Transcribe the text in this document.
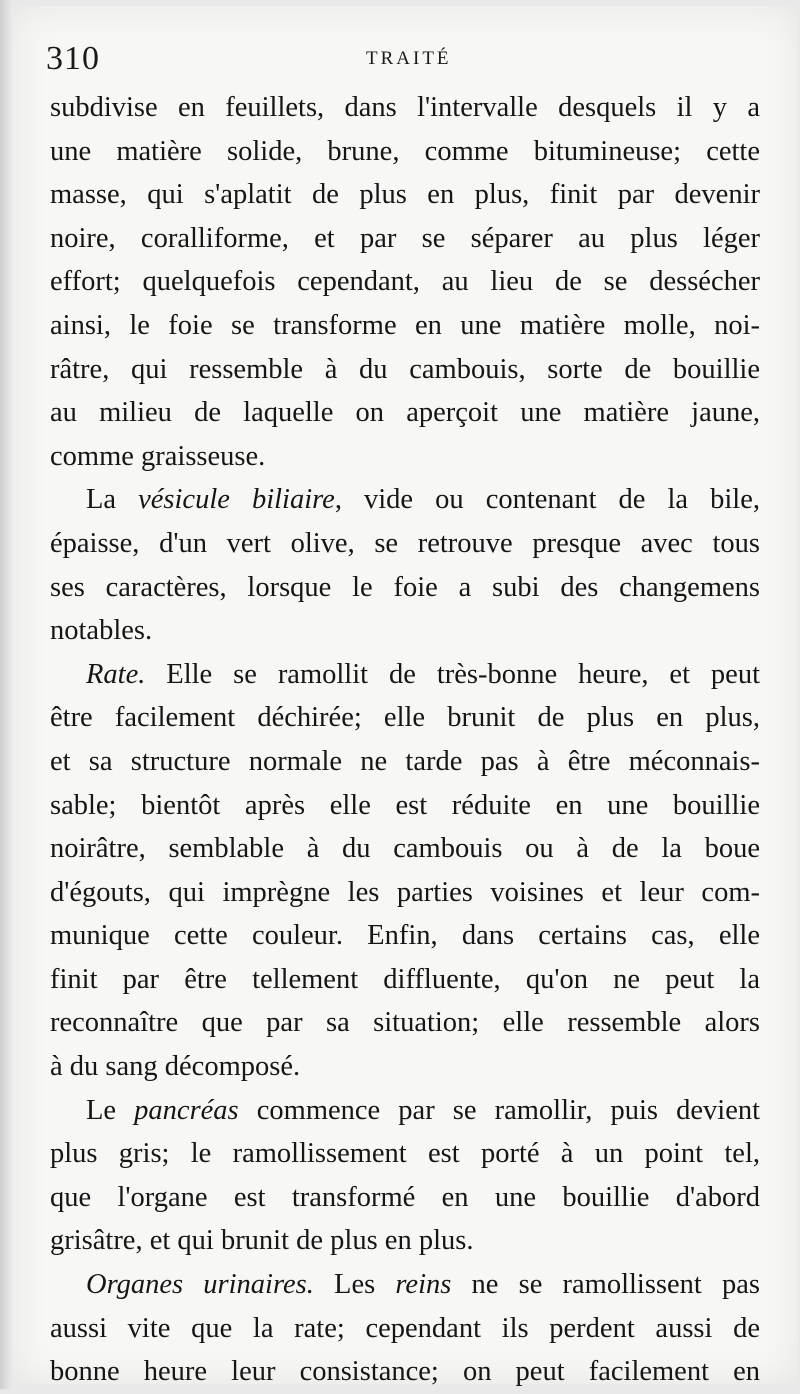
310	TRAITÉ
subdivise en feuillets, dans l'intervalle desquels il y a
une matière solide, brune, comme bitumineuse; cette
masse, qui s'aplatit de plus en plus, finit par devenir
noire, coralliforme, et par se séparer au plus léger
effort; quelquefois cependant, au lieu de se dessécher
ainsi, le foie se transforme en une matière molle, noi-
râtre, qui ressemble à du cambouis, sorte de bouillie
au milieu de laquelle on aperçoit une matière jaune,
comme graisseuse.
La vésicule biliaire, vide ou contenant de la bile,
épaisse, d'un vert olive, se retrouve presque avec tous
ses caractères, lorsque le foie a subi des changemens
notables.
Rate. Elle se ramollit de très-bonne heure, et peut
être facilement déchirée; elle brunit de plus en plus,
et sa structure normale ne tarde pas à être méconnais-
sable; bientôt après elle est réduite en une bouillie
noirâtre, semblable à du cambouis ou à de la boue
d'égouts, qui imprègne les parties voisines et leur com-
munique cette couleur. Enfin, dans certains cas, elle
finit par être tellement diffluente, qu'on ne peut la
reconnaître que par sa situation; elle ressemble alors
à du sang décomposé.
Le pancréas commence par se ramollir, puis devient
plus gris; le ramollissement est porté à un point tel,
que l'organe est transformé en une bouillie d'abord
grisâtre, et qui brunit de plus en plus.
Organes urinaires. Les reins ne se ramollissent pas
aussi vite que la rate; cependant ils perdent aussi de
bonne heure leur consistance; on peut facilement en
